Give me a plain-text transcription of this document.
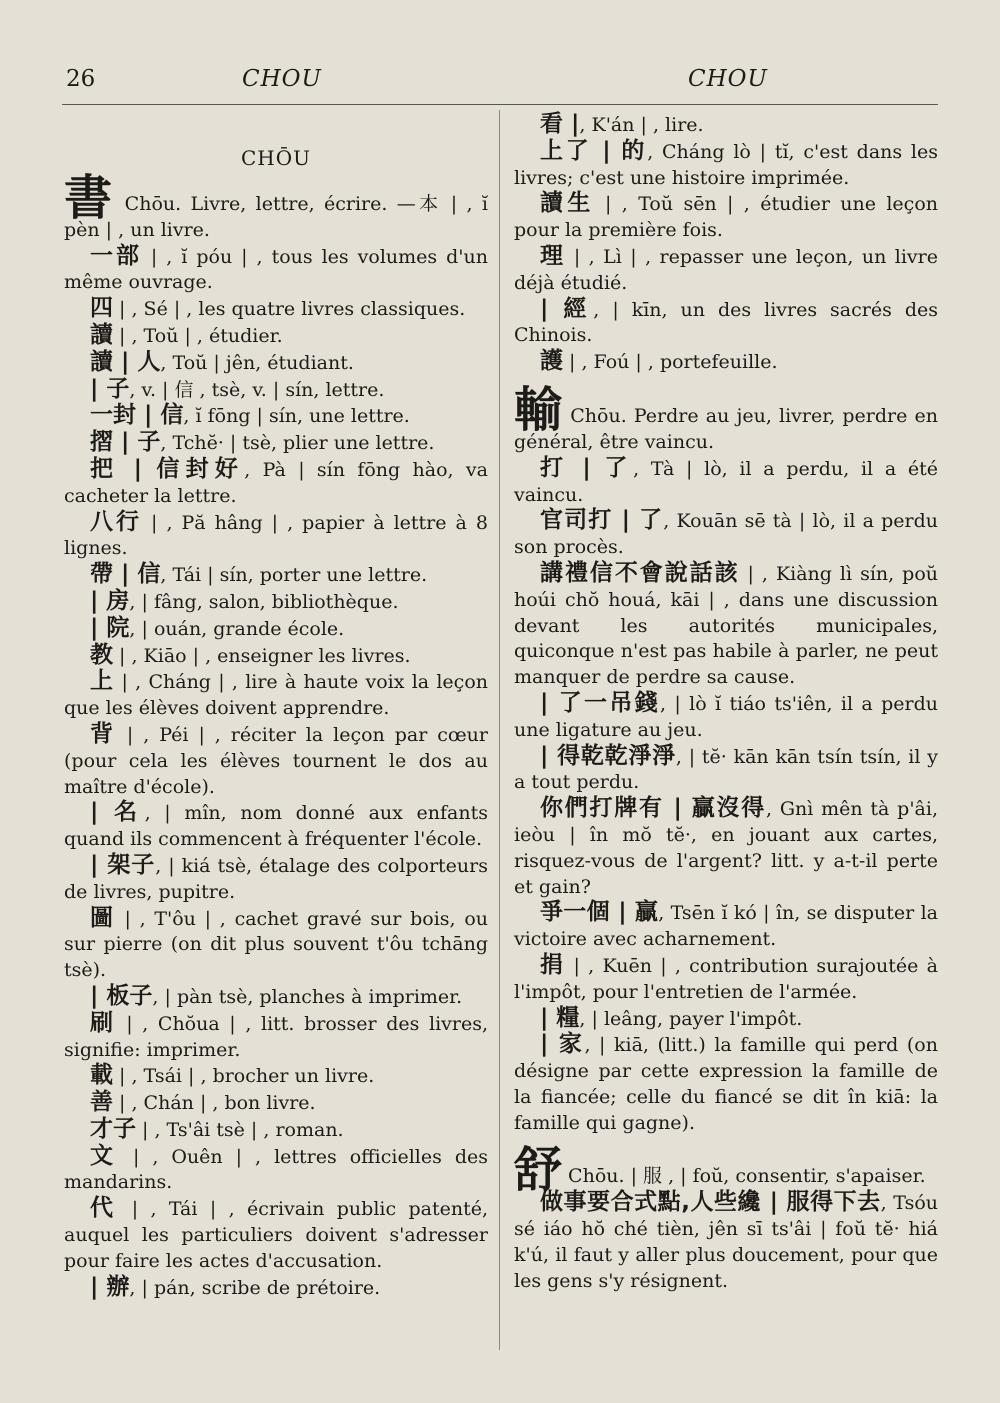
26	CHOU	CHOU
CHŌU

書 Chōu. Livre, lettre, écrire. —本 | , ĭ pèn | , un livre.

一部 | , ĭ póu | , tous les volumes d'un même ouvrage.

四 | , Sé | , les quatre livres classiques.

讀 | , Toŭ | , étudier.

讀 | 人, Toŭ | jên, étudiant.

| 子, v. | 信 , tsè, v. | sín, lettre.

一封 | 信, ĭ fōng | sín, une lettre.

摺 | 子, Tchĕ· | tsè, plier une lettre.

把 | 信封好, Pà | sín fōng hào, va cacheter la lettre.

八行 | , Pă hâng | , papier à lettre à 8 lignes.

帶 | 信, Tái | sín, porter une lettre.

| 房, | fâng, salon, bibliothèque.

| 院, | ouán, grande école.

教 | , Kiāo | , enseigner les livres.

上 | , Cháng | , lire à haute voix la leçon que les élèves doivent apprendre.

背 | , Péi | , réciter la leçon par cœur (pour cela les élèves tournent le dos au maître d'école).

| 名, | mîn, nom donné aux enfants quand ils commencent à fréquenter l'école.

| 架子, | kiá tsè, étalage des colporteurs de livres, pupitre.

圖 | , T'ôu | , cachet gravé sur bois, ou sur pierre (on dit plus souvent t'ôu tchāng tsè).

| 板子, | pàn tsè, planches à imprimer.

刷 | , Chŏua | , litt. brosser des livres, signifie: imprimer.

載 | , Tsái | , brocher un livre.

善 | , Chán | , bon livre.

才子 | , Ts'âi tsè | , roman.

文 | , Ouên | , lettres officielles des mandarins.

代 | , Tái | , écrivain public patenté, auquel les particuliers doivent s'adresser pour faire les actes d'accusation.

| 辦, | pán, scribe de prétoire.

看 |, K'án | , lire.

上了 | 的, Cháng lò | tĭ, c'est dans les livres; c'est une histoire imprimée.

讀生 | , Toŭ sēn | , étudier une leçon pour la première fois.

理 | , Lì | , repasser une leçon, un livre déjà étudié.

| 經, | kīn, un des livres sacrés des Chinois.

護 | , Foú | , portefeuille.

輸 Chōu. Perdre au jeu, livrer, perdre en général, être vaincu.

打 | 了, Tà | lò, il a perdu, il a été vaincu.

官司打 | 了, Kouān sē tà | lò, il a perdu son procès.

講禮信不會說話該 | , Kiàng lì sín, poŭ hoúi chŏ houá, kāi | , dans une discussion devant les autorités municipales, quiconque n'est pas habile à parler, ne peut manquer de perdre sa cause.

| 了一吊錢, | lò ĭ tiáo ts'iên, il a perdu une ligature au jeu.

| 得乾乾淨淨, | tĕ· kān kān tsín tsín, il y a tout perdu.

你們打牌有 | 贏沒得, Gnì mên tà p'âi, ieòu | în mŏ tĕ·, en jouant aux cartes, risquez-vous de l'argent? litt. y a-t-il perte et gain?

爭一個 | 贏, Tsēn ĭ kó | în, se disputer la victoire avec acharnement.

捐 | , Kuēn | , contribution surajoutée à l'impôt, pour l'entretien de l'armée.

| 糧, | leâng, payer l'impôt.

| 家, | kiā, (litt.) la famille qui perd (on désigne par cette expression la famille de la fiancée; celle du fiancé se dit în kiā: la famille qui gagne).

舒 Chōu. | 服 , | foŭ, consentir, s'apaiser.

做事要合式點,人些纔 | 服得下去, Tsóu sé iáo hŏ ché tièn, jên sī ts'âi | foŭ tĕ· hiá k'ú, il faut y aller plus doucement, pour que les gens s'y résignent.
